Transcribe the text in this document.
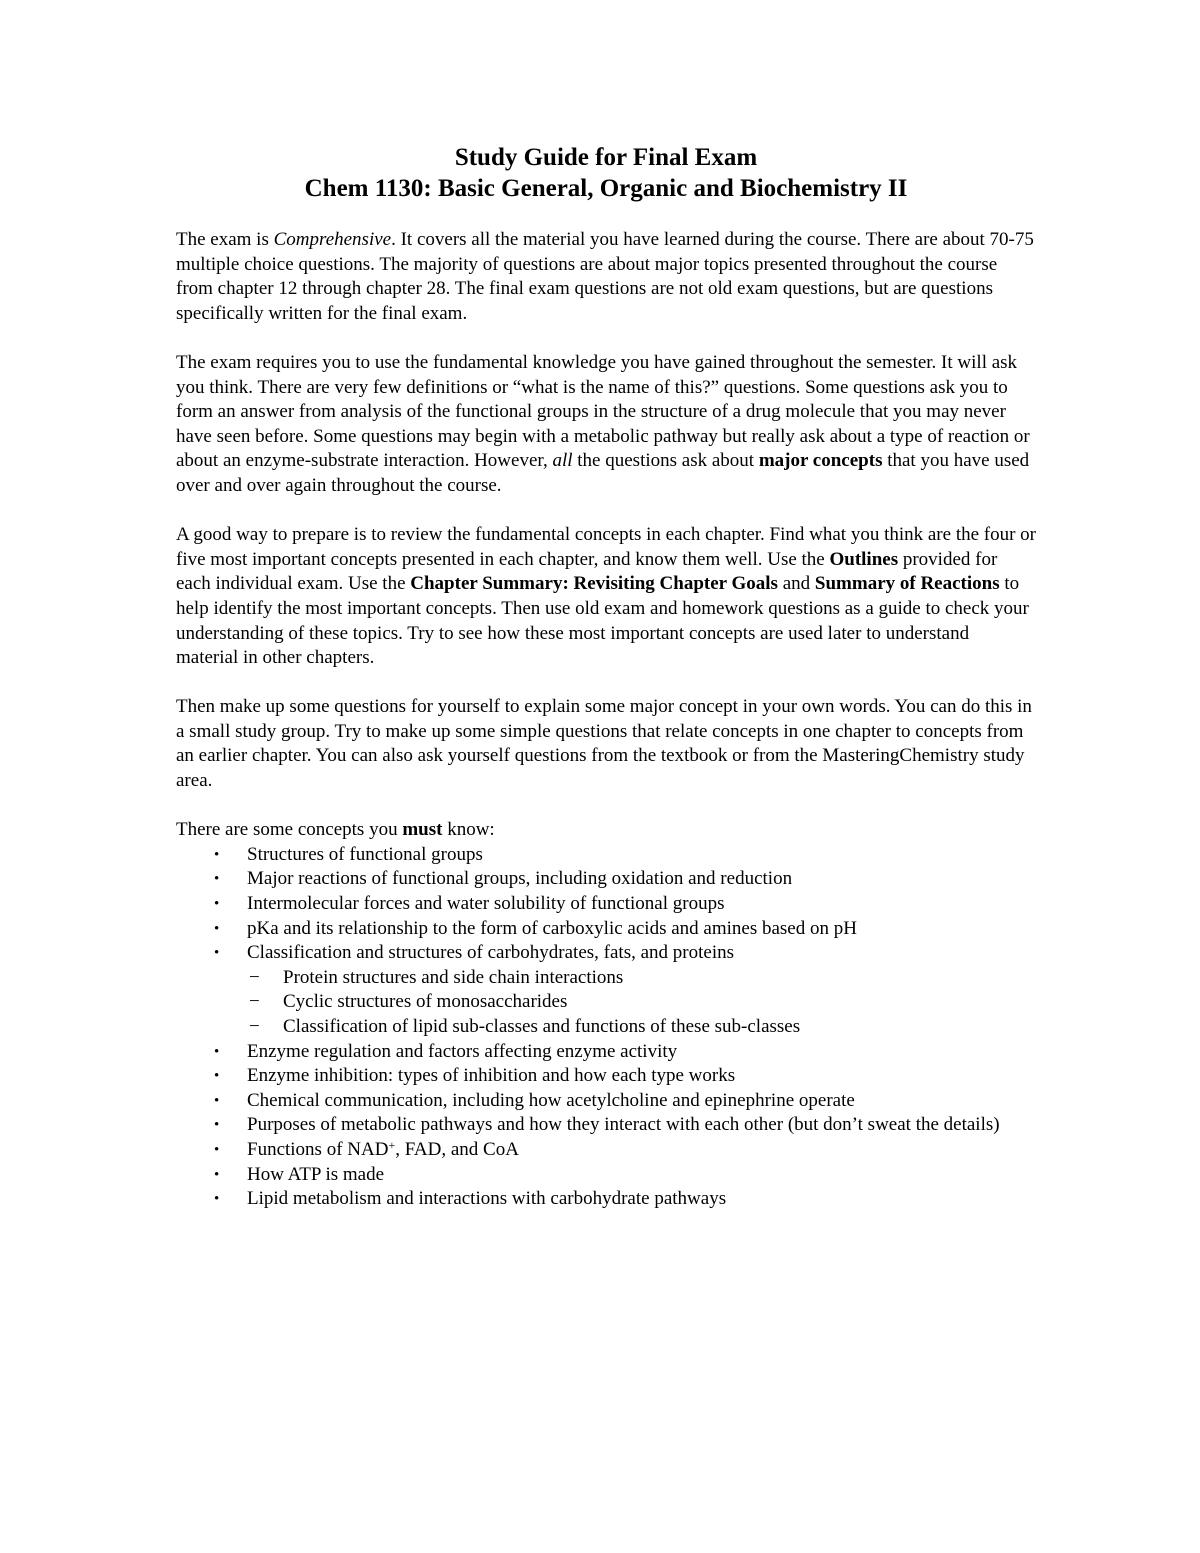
Study Guide for Final Exam
Chem 1130: Basic General, Organic and Biochemistry II

The exam is Comprehensive. It covers all the material you have learned during the course. There are about 70-75 multiple choice questions. The majority of questions are about major topics presented throughout the course from chapter 12 through chapter 28. The final exam questions are not old exam questions, but are questions specifically written for the final exam.

The exam requires you to use the fundamental knowledge you have gained throughout the semester. It will ask you think. There are very few definitions or “what is the name of this?” questions. Some questions ask you to form an answer from analysis of the functional groups in the structure of a drug molecule that you may never have seen before. Some questions may begin with a metabolic pathway but really ask about a type of reaction or about an enzyme-substrate interaction. However, all the questions ask about major concepts that you have used over and over again throughout the course.

A good way to prepare is to review the fundamental concepts in each chapter. Find what you think are the four or five most important concepts presented in each chapter, and know them well. Use the Outlines provided for each individual exam. Use the Chapter Summary: Revisiting Chapter Goals and Summary of Reactions to help identify the most important concepts. Then use old exam and homework questions as a guide to check your understanding of these topics. Try to see how these most important concepts are used later to understand material in other chapters.

Then make up some questions for yourself to explain some major concept in your own words. You can do this in a small study group. Try to make up some simple questions that relate concepts in one chapter to concepts from an earlier chapter. You can also ask yourself questions from the textbook or from the MasteringChemistry study area.

There are some concepts you must know:

• Structures of functional groups
• Major reactions of functional groups, including oxidation and reduction
• Intermolecular forces and water solubility of functional groups
• pKa and its relationship to the form of carboxylic acids and amines based on pH
• Classification and structures of carbohydrates, fats, and proteins
− Protein structures and side chain interactions
− Cyclic structures of monosaccharides
− Classification of lipid sub-classes and functions of these sub-classes
• Enzyme regulation and factors affecting enzyme activity
• Enzyme inhibition: types of inhibition and how each type works
• Chemical communication, including how acetylcholine and epinephrine operate
• Purposes of metabolic pathways and how they interact with each other (but don’t sweat the details)
• Functions of NAD+, FAD, and CoA
• How ATP is made
• Lipid metabolism and interactions with carbohydrate pathways
